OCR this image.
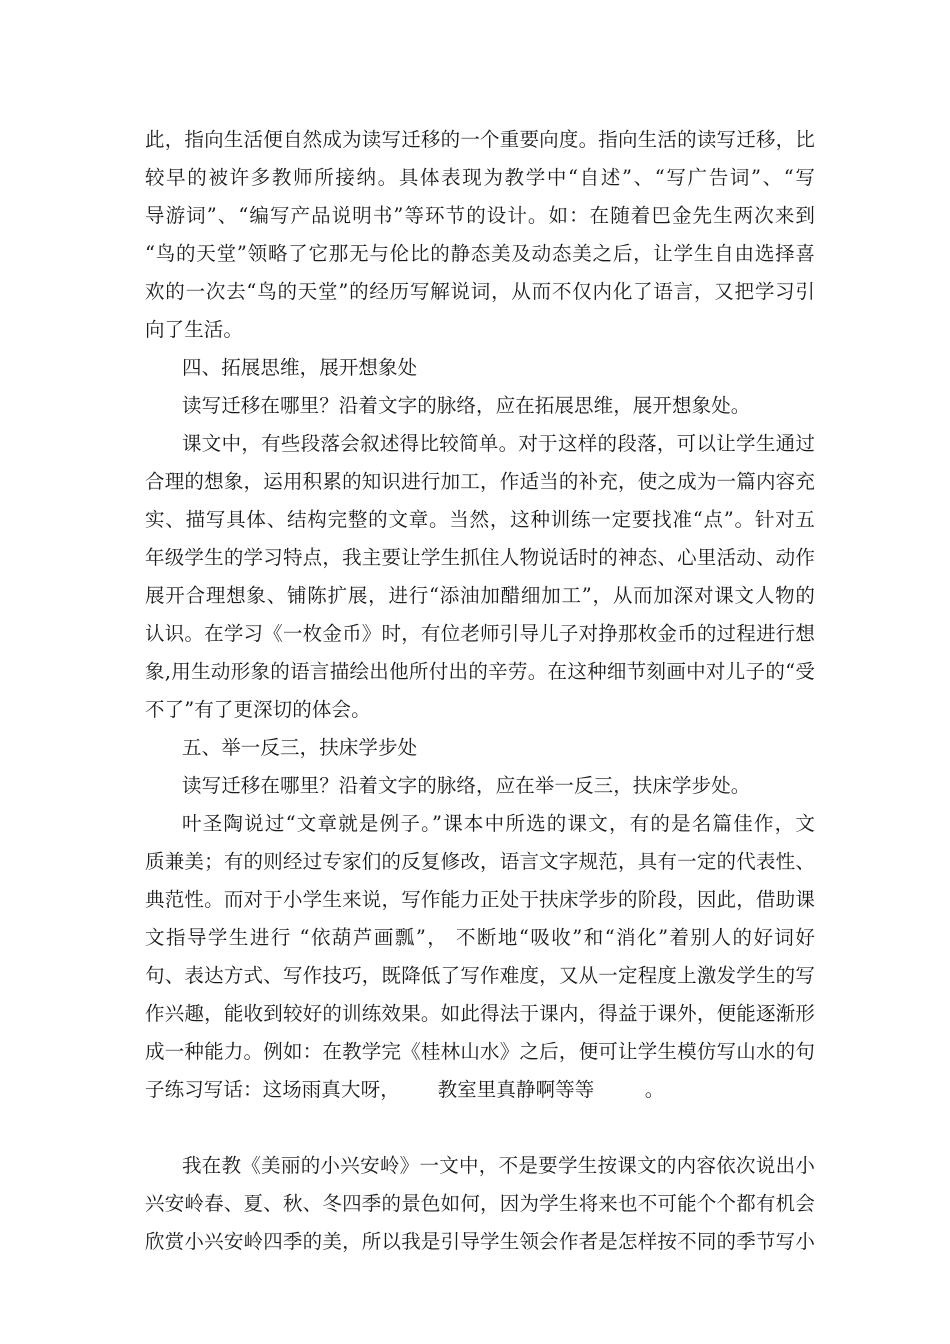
此，指向生活便自然成为读写迁移的一个重要向度。指向生活的读写迁移，比
较早的被许多教师所接纳。具体表现为教学中“自述”、“写广告词”、“写
导游词”、“编写产品说明书”等环节的设计。如：在随着巴金先生两次来到
“鸟的天堂”领略了它那无与伦比的静态美及动态美之后，让学生自由选择喜
欢的一次去“鸟的天堂”的经历写解说词，从而不仅内化了语言，又把学习引
向了生活。
四、拓展思维，展开想象处
读写迁移在哪里？沿着文字的脉络，应在拓展思维，展开想象处。
课文中，有些段落会叙述得比较简单。对于这样的段落，可以让学生通过
合理的想象，运用积累的知识进行加工，作适当的补充，使之成为一篇内容充
实、描写具体、结构完整的文章。当然，这种训练一定要找准“点”。针对五
年级学生的学习特点，我主要让学生抓住人物说话时的神态、心里活动、动作
展开合理想象、铺陈扩展，进行“添油加醋细加工”，从而加深对课文人物的
认识。在学习《一枚金币》时，有位老师引导儿子对挣那枚金币的过程进行想
象,用生动形象的语言描绘出他所付出的辛劳。在这种细节刻画中对儿子的“受
不了”有了更深切的体会。
五、举一反三，扶床学步处
读写迁移在哪里？沿着文字的脉络，应在举一反三，扶床学步处。
叶圣陶说过“文章就是例子。”课本中所选的课文，有的是名篇佳作，文
质兼美；有的则经过专家们的反复修改，语言文字规范，具有一定的代表性、
典范性。而对于小学生来说，写作能力正处于扶床学步的阶段，因此，借助课
文指导学生进行 “依葫芦画瓢”， 不断地“吸收”和“消化”着别人的好词好
句、表达方式、写作技巧，既降低了写作难度，又从一定程度上激发学生的写
作兴趣，能收到较好的训练效果。如此得法于课内，得益于课外，便能逐渐形
成一种能力。例如：在教学完《桂林山水》之后，便可让学生模仿写山水的句
子练习写话：这场雨真大呀，      教室里真静啊等等        。
我在教《美丽的小兴安岭》一文中，不是要学生按课文的内容依次说出小
兴安岭春、夏、秋、冬四季的景色如何，因为学生将来也不可能个个都有机会
欣赏小兴安岭四季的美，所以我是引导学生领会作者是怎样按不同的季节写小
